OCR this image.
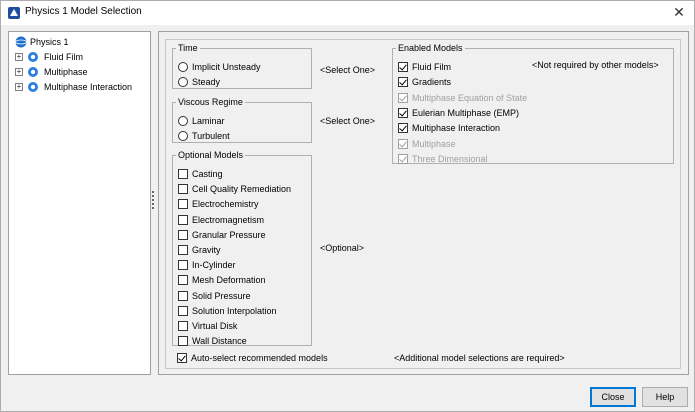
Physics 1 Model Selection	✕
Physics 1
+	Fluid Film
+	Multiphase
+	Multiphase Interaction
Time
Implicit Unsteady
Steady
<Select One>
Viscous Regime
Laminar
Turbulent
<Select One>
Optional Models
Casting
Cell Quality Remediation
Electrochemistry
Electromagnetism
Granular Pressure
Gravity
In-Cylinder
Mesh Deformation
Solid Pressure
Solution Interpolation
Virtual Disk
Wall Distance
<Optional>
Enabled Models
Fluid Film
Gradients
Multiphase Equation of State
Eulerian Multiphase (EMP)
Multiphase Interaction
Multiphase
Three Dimensional
<Not required by other models>
Auto-select recommended models	<Additional model selections are required>
Close	Help
